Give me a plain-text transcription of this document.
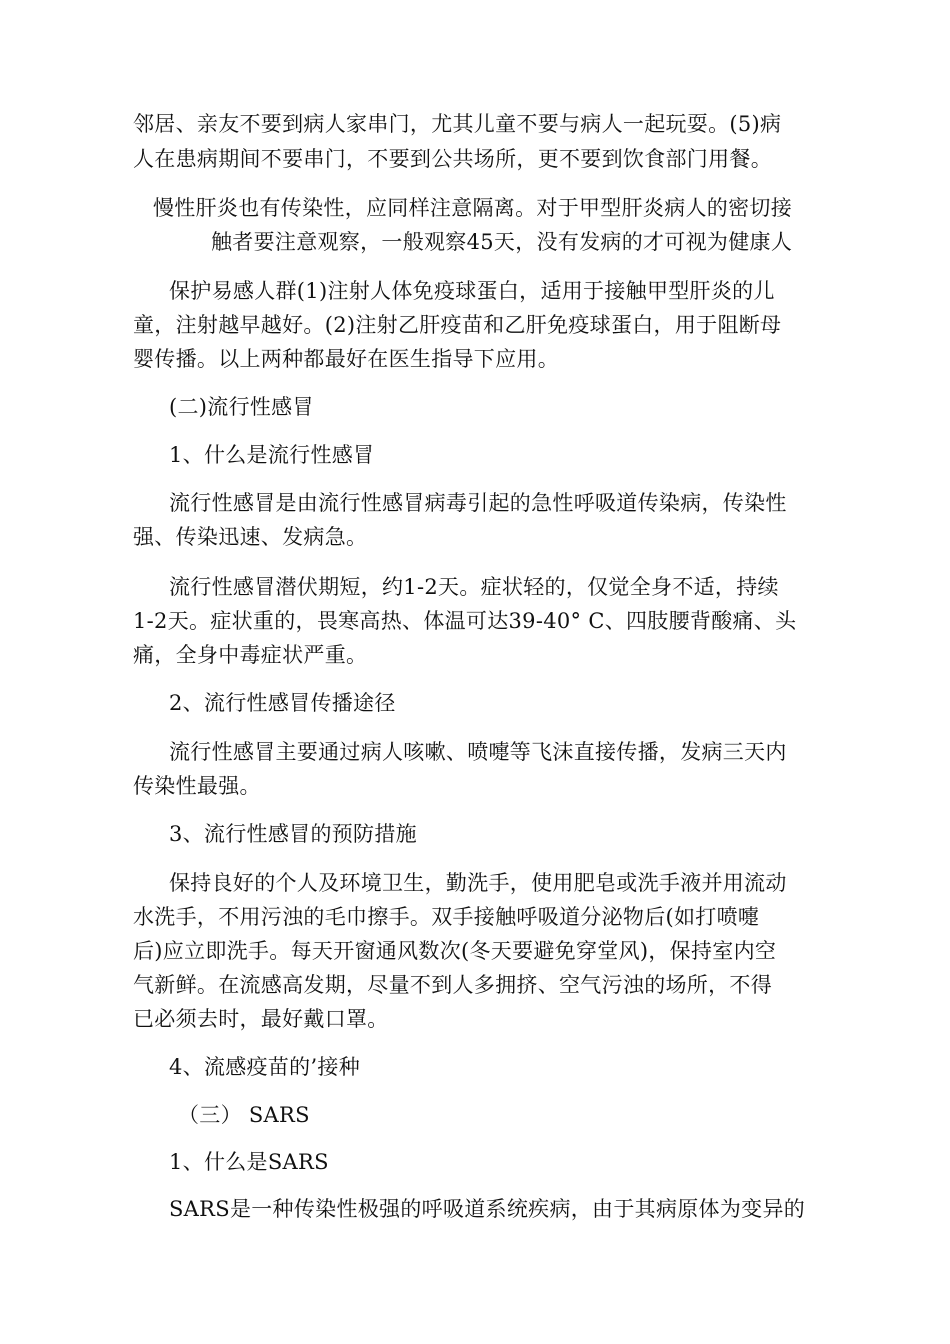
邻居、亲友不要到病人家串门，尤其儿童不要与病人一起玩耍。(5)病
人在患病期间不要串门，不要到公共场所，更不要到饮食部门用餐。
慢性肝炎也有传染性，应同样注意隔离。对于甲型肝炎病人的密切接
触者要注意观察，一般观察45天，没有发病的才可视为健康人
保护易感人群(1)注射人体免疫球蛋白，适用于接触甲型肝炎的儿
童，注射越早越好。(2)注射乙肝疫苗和乙肝免疫球蛋白，用于阻断母
婴传播。以上两种都最好在医生指导下应用。
(二)流行性感冒
1、什么是流行性感冒
流行性感冒是由流行性感冒病毒引起的急性呼吸道传染病，传染性
强、传染迅速、发病急。
流行性感冒潜伏期短，约1-2天。症状轻的，仅觉全身不适，持续
1-2天。症状重的，畏寒高热、体温可达39-40° C、四肢腰背酸痛、头
痛，全身中毒症状严重。
2、流行性感冒传播途径
流行性感冒主要通过病人咳嗽、喷嚏等飞沫直接传播，发病三天内
传染性最强。
3、流行性感冒的预防措施
保持良好的个人及环境卫生，勤洗手，使用肥皂或洗手液并用流动
水洗手，不用污浊的毛巾擦手。双手接触呼吸道分泌物后(如打喷嚏
后)应立即洗手。每天开窗通风数次(冬天要避免穿堂风)，保持室内空
气新鲜。在流感高发期，尽量不到人多拥挤、空气污浊的场所，不得
已必须去时，最好戴口罩。
4、流感疫苗的’接种
（三） SARS
1、什么是SARS
SARS是一种传染性极强的呼吸道系统疾病，由于其病原体为变异的
